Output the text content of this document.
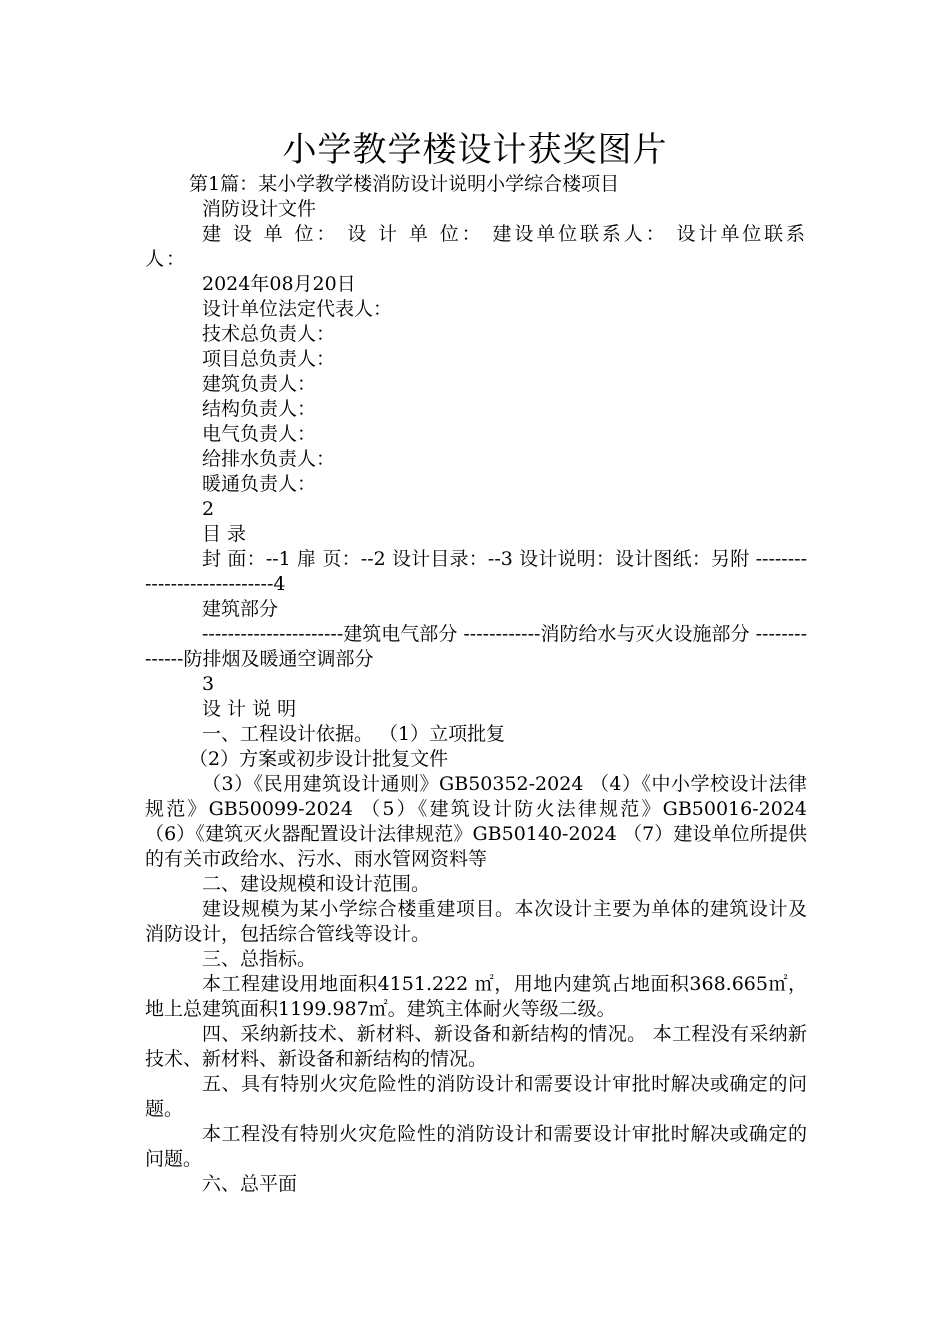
小学教学楼设计获奖图片

第1篇：某小学教学楼消防设计说明小学综合楼项目

消防设计文件

建 设 单 位： 设 计 单 位： 建设单位联系人： 设计单位联系人：

2024年08月20日

设计单位法定代表人：

技术总负责人：

项目总负责人：

建筑负责人：

结构负责人：

电气负责人：

给排水负责人：

暖通负责人：

2

目 录

封 面：--1 扉 页：--2 设计目录：--3 设计说明：设计图纸：另附 ----------------------------4

建筑部分

----------------------建筑电气部分 ------------消防给水与灭火设施部分 --------------防排烟及暖通空调部分

3

设 计 说 明

一、工程设计依据。 （1）立项批复

（2）方案或初步设计批复文件

（3）《民用建筑设计通则》GB50352-2024 （4）《中小学校设计法律规范》GB50099-2024 （5）《建筑设计防火法律规范》GB50016-2024 （6）《建筑灭火器配置设计法律规范》GB50140-2024 （7）建设单位所提供的有关市政给水、污水、雨水管网资料等

二、建设规模和设计范围。

建设规模为某小学综合楼重建项目。本次设计主要为单体的建筑设计及消防设计，包括综合管线等设计。

三、总指标。

本工程建设用地面积4151.222 ㎡，用地内建筑占地面积368.665㎡，地上总建筑面积1199.987㎡。建筑主体耐火等级二级。

四、采纳新技术、新材料、新设备和新结构的情况。 本工程没有采纳新技术、新材料、新设备和新结构的情况。

五、具有特别火灾危险性的消防设计和需要设计审批时解决或确定的问题。

本工程没有特别火灾危险性的消防设计和需要设计审批时解决或确定的问题。

六、总平面
